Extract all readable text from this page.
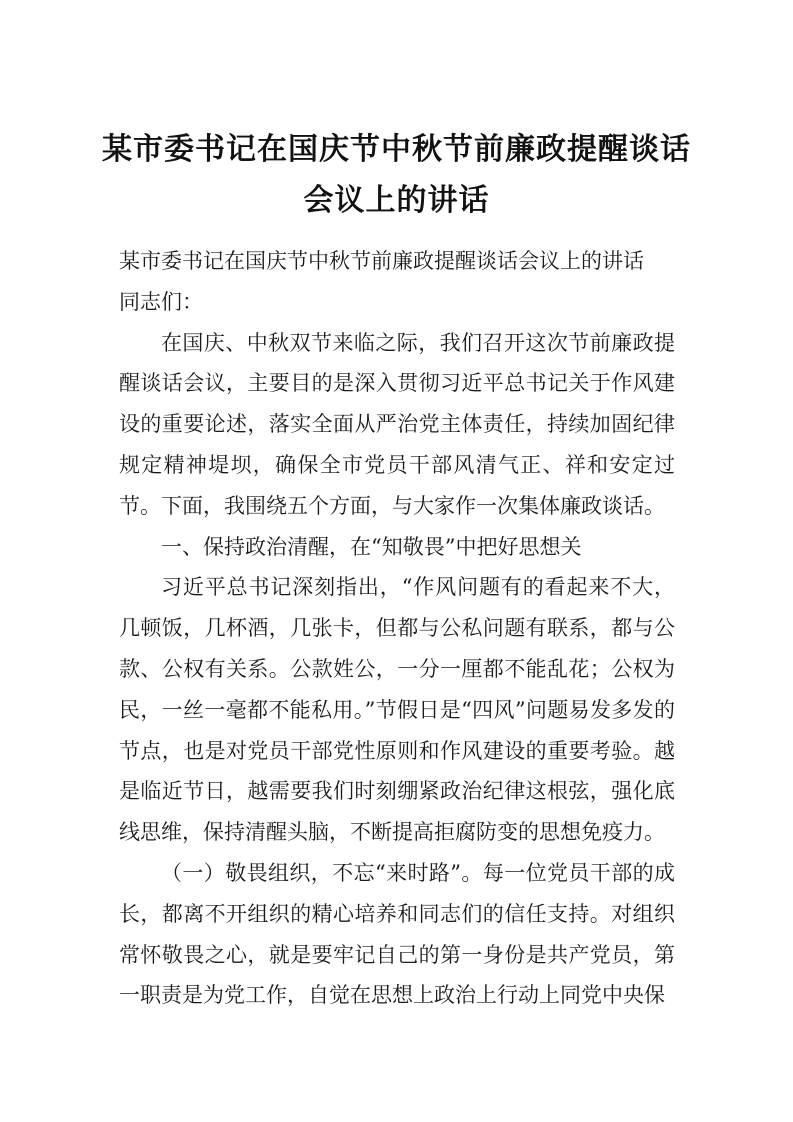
某市委书记在国庆节中秋节前廉政提醒谈话会议上的讲话

某市委书记在国庆节中秋节前廉政提醒谈话会议上的讲话

同志们：

在国庆、中秋双节来临之际，我们召开这次节前廉政提醒谈话会议，主要目的是深入贯彻习近平总书记关于作风建设的重要论述，落实全面从严治党主体责任，持续加固纪律规定精神堤坝，确保全市党员干部风清气正、祥和安定过节。下面，我围绕五个方面，与大家作一次集体廉政谈话。

一、保持政治清醒，在“知敬畏”中把好思想关

习近平总书记深刻指出，“作风问题有的看起来不大，几顿饭，几杯酒，几张卡，但都与公私问题有联系，都与公款、公权有关系。公款姓公，一分一厘都不能乱花；公权为民，一丝一毫都不能私用。”节假日是“四风”问题易发多发的节点，也是对党员干部党性原则和作风建设的重要考验。越是临近节日，越需要我们时刻绷紧政治纪律这根弦，强化底线思维，保持清醒头脑，不断提高拒腐防变的思想免疫力。

（一）敬畏组织，不忘“来时路”。每一位党员干部的成长，都离不开组织的精心培养和同志们的信任支持。对组织常怀敬畏之心，就是要牢记自己的第一身份是共产党员，第一职责是为党工作，自觉在思想上政治上行动上同党中央保
